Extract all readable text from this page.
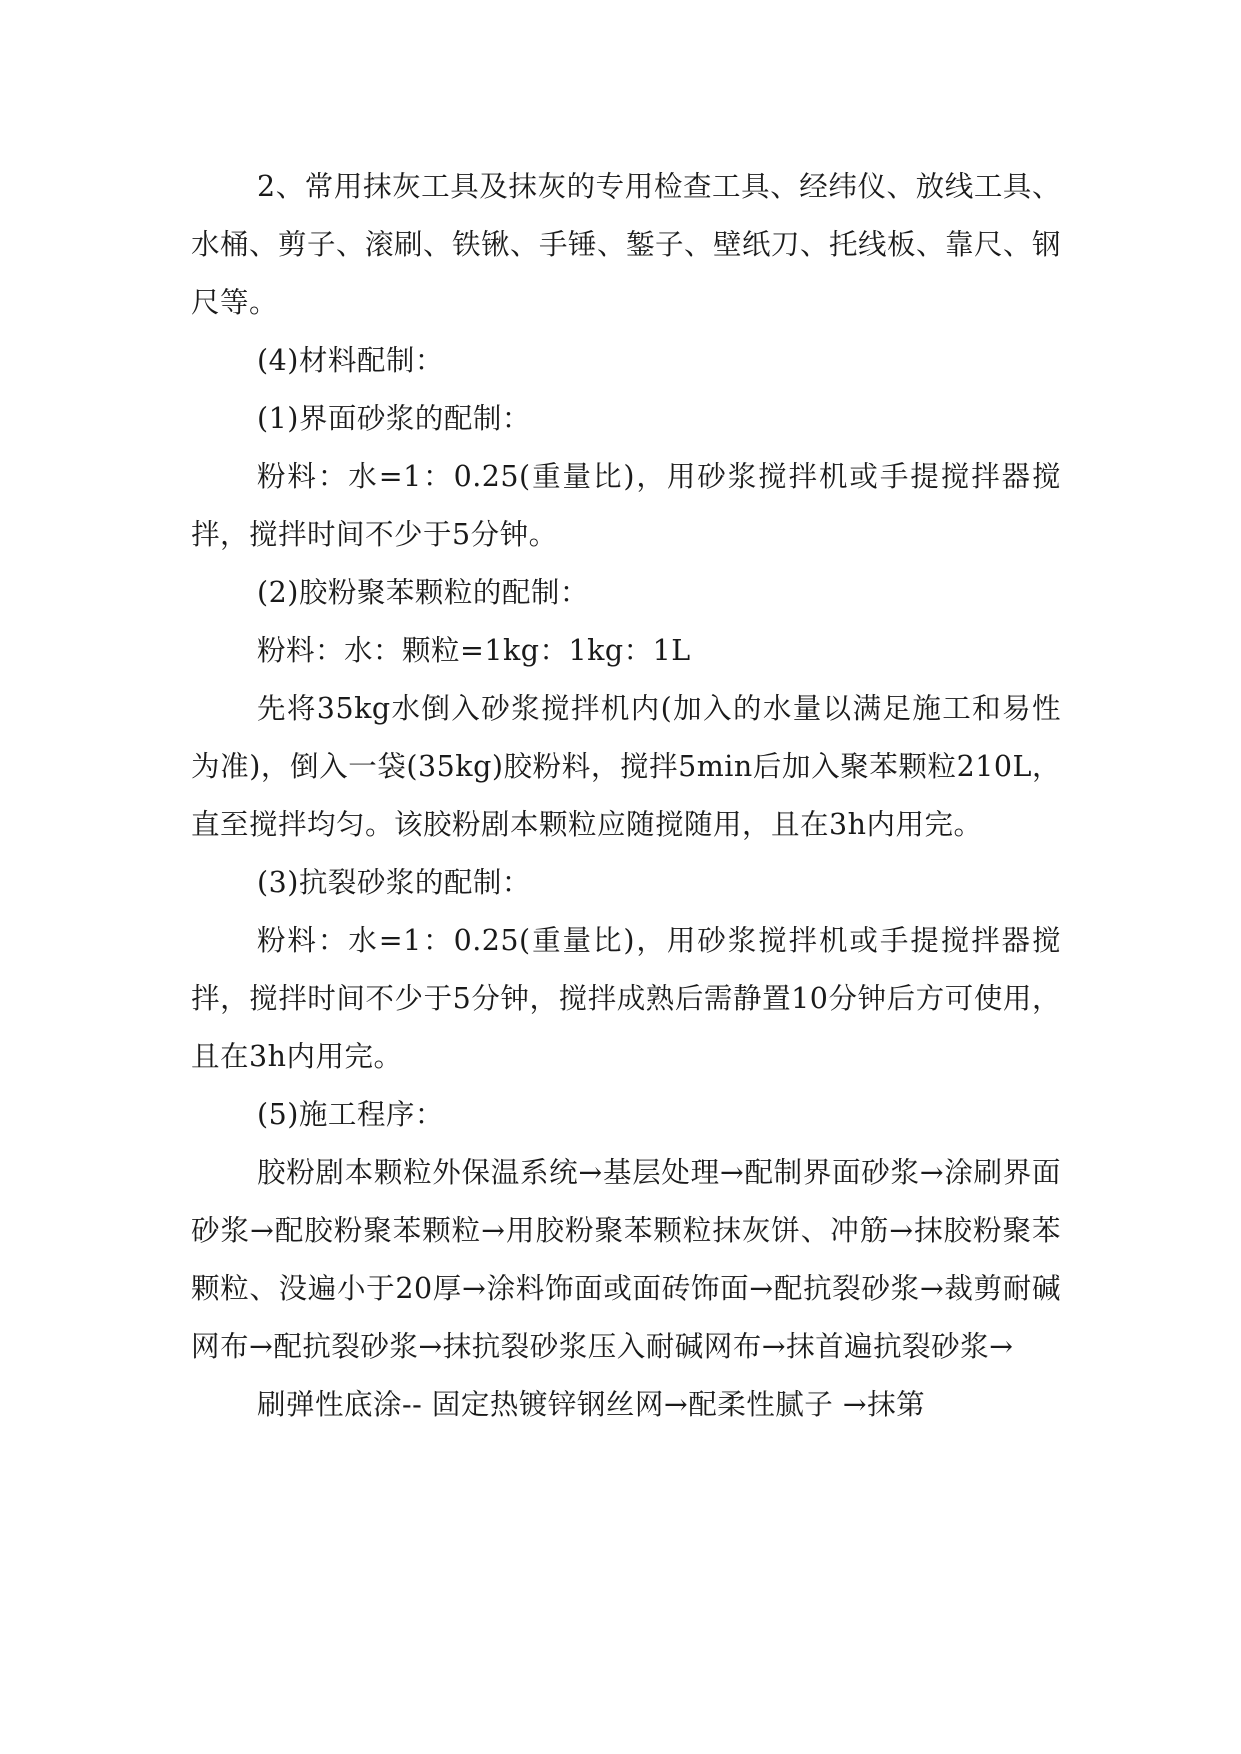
2、常用抹灰工具及抹灰的专用检查工具、经纬仪、放线工具、水桶、剪子、滚刷、铁锹、手锤、錾子、壁纸刀、托线板、靠尺、钢尺等。

(4)材料配制：

(1)界面砂浆的配制：

粉料：水=1：0.25(重量比)，用砂浆搅拌机或手提搅拌器搅拌，搅拌时间不少于5分钟。

(2)胶粉聚苯颗粒的配制：

粉料：水：颗粒=1kg：1kg：1L

先将35kg水倒入砂浆搅拌机内(加入的水量以满足施工和易性为准)，倒入一袋(35kg)胶粉料，搅拌5min后加入聚苯颗粒210L，直至搅拌均匀。该胶粉剧本颗粒应随搅随用，且在3h内用完。

(3)抗裂砂浆的配制：

粉料：水=1：0.25(重量比)，用砂浆搅拌机或手提搅拌器搅拌，搅拌时间不少于5分钟，搅拌成熟后需静置10分钟后方可使用，且在3h内用完。

(5)施工程序：

胶粉剧本颗粒外保温系统→基层处理→配制界面砂浆→涂刷界面砂浆→配胶粉聚苯颗粒→用胶粉聚苯颗粒抹灰饼、冲筋→抹胶粉聚苯颗粒、没遍小于20厚→涂料饰面或面砖饰面→配抗裂砂浆→裁剪耐碱网布→配抗裂砂浆→抹抗裂砂浆压入耐碱网布→抹首遍抗裂砂浆→

刷弹性底涂-- 固定热镀锌钢丝网→配柔性腻子 →抹第
